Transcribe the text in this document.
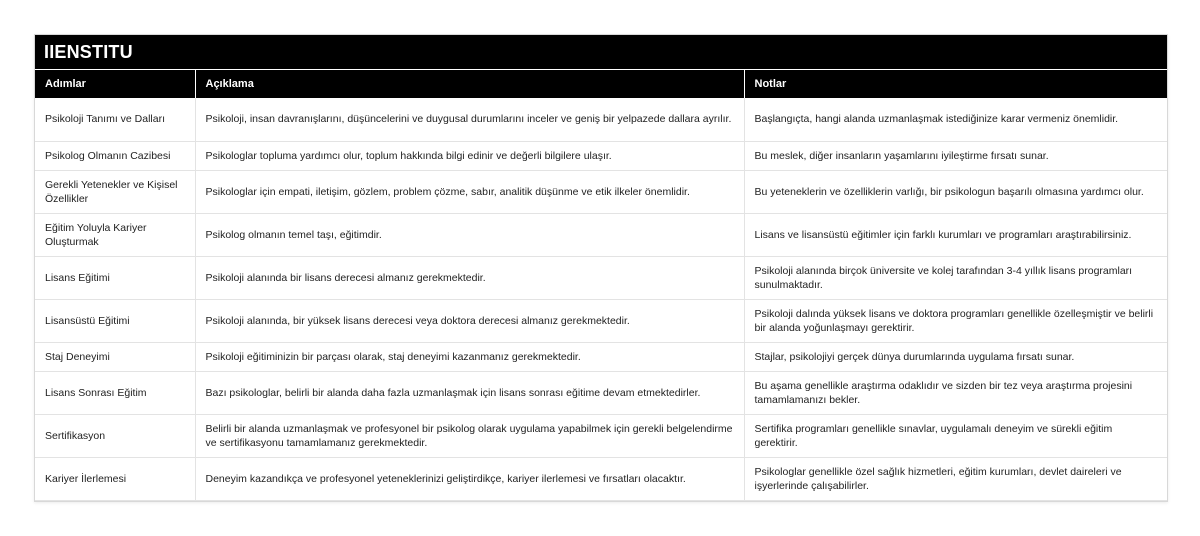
IIENSTITU
Adımlar	Açıklama	Notlar
Psikoloji Tanımı ve Dalları	Psikoloji, insan davranışlarını, düşüncelerini ve duygusal durumlarını inceler ve geniş bir yelpazede dallara ayrılır.	Başlangıçta, hangi alanda uzmanlaşmak istediğinize karar vermeniz önemlidir.
Psikolog Olmanın Cazibesi	Psikologlar topluma yardımcı olur, toplum hakkında bilgi edinir ve değerli bilgilere ulaşır.	Bu meslek, diğer insanların yaşamlarını iyileştirme fırsatı sunar.
Gerekli Yetenekler ve Kişisel Özellikler	Psikologlar için empati, iletişim, gözlem, problem çözme, sabır, analitik düşünme ve etik ilkeler önemlidir.	Bu yeteneklerin ve özelliklerin varlığı, bir psikologun başarılı olmasına yardımcı olur.
Eğitim Yoluyla Kariyer Oluşturmak	Psikolog olmanın temel taşı, eğitimdir.	Lisans ve lisansüstü eğitimler için farklı kurumları ve programları araştırabilirsiniz.
Lisans Eğitimi	Psikoloji alanında bir lisans derecesi almanız gerekmektedir.	Psikoloji alanında birçok üniversite ve kolej tarafından 3-4 yıllık lisans programları sunulmaktadır.
Lisansüstü Eğitimi	Psikoloji alanında, bir yüksek lisans derecesi veya doktora derecesi almanız gerekmektedir.	Psikoloji dalında yüksek lisans ve doktora programları genellikle özelleşmiştir ve belirli bir alanda yoğunlaşmayı gerektirir.
Staj Deneyimi	Psikoloji eğitiminizin bir parçası olarak, staj deneyimi kazanmanız gerekmektedir.	Stajlar, psikolojiyi gerçek dünya durumlarında uygulama fırsatı sunar.
Lisans Sonrası Eğitim	Bazı psikologlar, belirli bir alanda daha fazla uzmanlaşmak için lisans sonrası eğitime devam etmektedirler.	Bu aşama genellikle araştırma odaklıdır ve sizden bir tez veya araştırma projesini tamamlamanızı bekler.
Sertifikasyon	Belirli bir alanda uzmanlaşmak ve profesyonel bir psikolog olarak uygulama yapabilmek için gerekli belgelendirme ve sertifikasyonu tamamlamanız gerekmektedir.	Sertifika programları genellikle sınavlar, uygulamalı deneyim ve sürekli eğitim gerektirir.
Kariyer İlerlemesi	Deneyim kazandıkça ve profesyonel yeteneklerinizi geliştirdikçe, kariyer ilerlemesi ve fırsatları olacaktır.	Psikologlar genellikle özel sağlık hizmetleri, eğitim kurumları, devlet daireleri ve işyerlerinde çalışabilirler.
